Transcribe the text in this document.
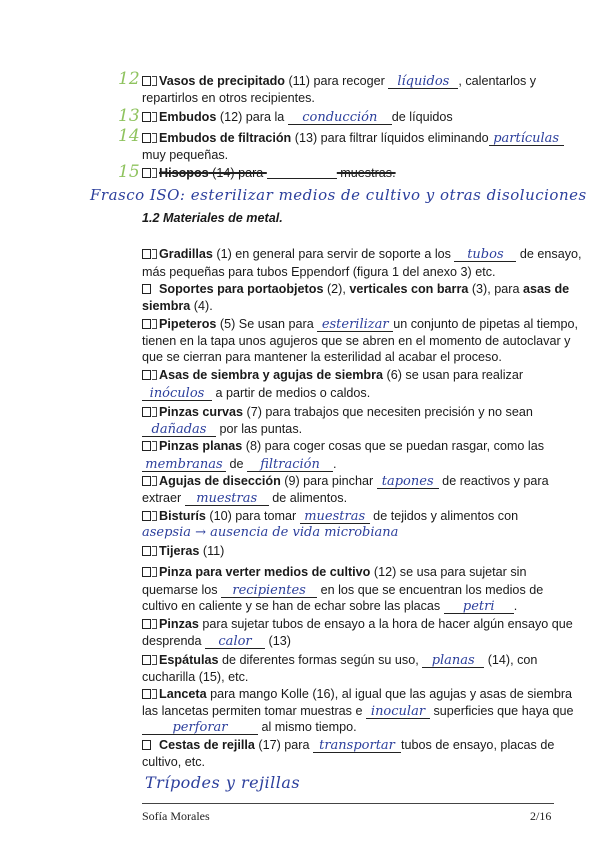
12
13
14
15
Vasos de precipitado (11) para recoger líquidos , calentarlos y
repartirlos en otros recipientes.
Embudos (12) para la conducción de líquidos
Embudos de filtración (13) para filtrar líquidos eliminando partículas
muy pequeñas.
Hisopos (14) para	muestras.
Frasco ISO: esterilizar medios de cultivo y otras disoluciones
1.2 Materiales de metal.
Gradillas (1) en general para servir de soporte a los tubos de ensayo,
más pequeñas para tubos Eppendorf (figura 1 del anexo 3) etc.
Soportes para portaobjetos (2), verticales con barra (3), para asas de
siembra (4).
Pipeteros (5) Se usan para esterilizar un conjunto de pipetas al tiempo,
tienen en la tapa unos agujeros que se abren en el momento de autoclavar y
que se cierran para mantener la esterilidad al acabar el proceso.
Asas de siembra y agujas de siembra (6) se usan para realizar
inóculos a partir de medios o caldos.
Pinzas curvas (7) para trabajos que necesiten precisión y no sean
dañadas por las puntas.
Pinzas planas (8) para coger cosas que se puedan rasgar, como las
membranas de filtración .
Agujas de disección (9) para pinchar tapones de reactivos y para
extraer muestras de alimentos.
Bisturís (10) para tomar muestras de tejidos y alimentos con
asepsia → ausencia de vida microbiana
Tijeras (11)
Pinza para verter medios de cultivo (12) se usa para sujetar sin
quemarse los recipientes en los que se encuentran los medios de
cultivo en caliente y se han de echar sobre las placas petri .
Pinzas para sujetar tubos de ensayo a la hora de hacer algún ensayo que
desprenda calor (13)
Espátulas de diferentes formas según su uso, planas (14), con
cucharilla (15), etc.
Lanceta para mango Kolle (16), al igual que las agujas y asas de siembra
las lancetas permiten tomar muestras e inocular superficies que haya que
perforar al mismo tiempo.
Cestas de rejilla (17) para transportar tubos de ensayo, placas de
cultivo, etc.
Trípodes y rejillas
Sofía Morales	2/16
